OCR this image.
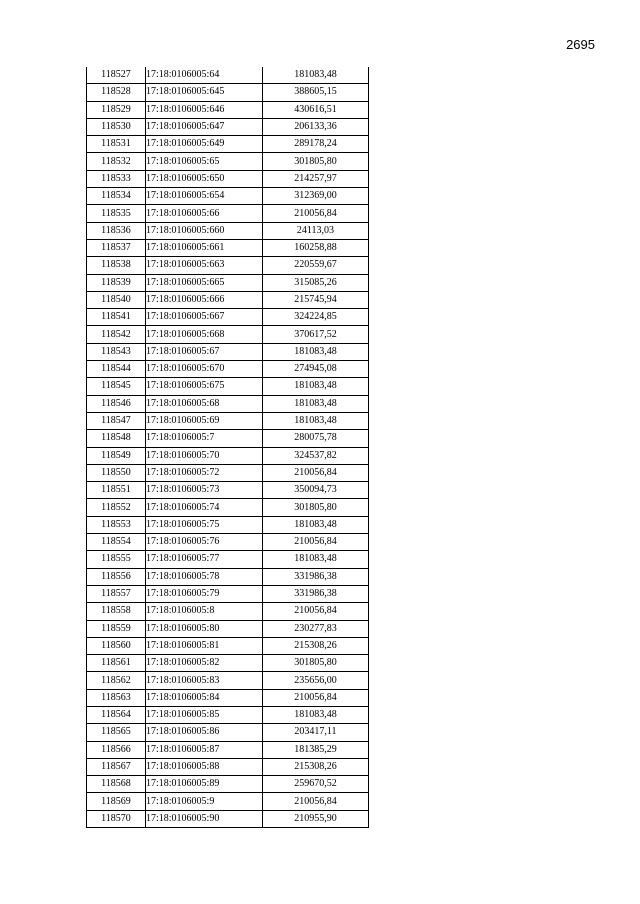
2695
118527	17:18:0106005:64	181083,48
118528	17:18:0106005:645	388605,15
118529	17:18:0106005:646	430616,51
118530	17:18:0106005:647	206133,36
118531	17:18:0106005:649	289178,24
118532	17:18:0106005:65	301805,80
118533	17:18:0106005:650	214257,97
118534	17:18:0106005:654	312369,00
118535	17:18:0106005:66	210056,84
118536	17:18:0106005:660	24113,03
118537	17:18:0106005:661	160258,88
118538	17:18:0106005:663	220559,67
118539	17:18:0106005:665	315085,26
118540	17:18:0106005:666	215745,94
118541	17:18:0106005:667	324224,85
118542	17:18:0106005:668	370617,52
118543	17:18:0106005:67	181083,48
118544	17:18:0106005:670	274945,08
118545	17:18:0106005:675	181083,48
118546	17:18:0106005:68	181083,48
118547	17:18:0106005:69	181083,48
118548	17:18:0106005:7	280075,78
118549	17:18:0106005:70	324537,82
118550	17:18:0106005:72	210056,84
118551	17:18:0106005:73	350094,73
118552	17:18:0106005:74	301805,80
118553	17:18:0106005:75	181083,48
118554	17:18:0106005:76	210056,84
118555	17:18:0106005:77	181083,48
118556	17:18:0106005:78	331986,38
118557	17:18:0106005:79	331986,38
118558	17:18:0106005:8	210056,84
118559	17:18:0106005:80	230277,83
118560	17:18:0106005:81	215308,26
118561	17:18:0106005:82	301805,80
118562	17:18:0106005:83	235656,00
118563	17:18:0106005:84	210056,84
118564	17:18:0106005:85	181083,48
118565	17:18:0106005:86	203417,11
118566	17:18:0106005:87	181385,29
118567	17:18:0106005:88	215308,26
118568	17:18:0106005:89	259670,52
118569	17:18:0106005:9	210056,84
118570	17:18:0106005:90	210955,90
